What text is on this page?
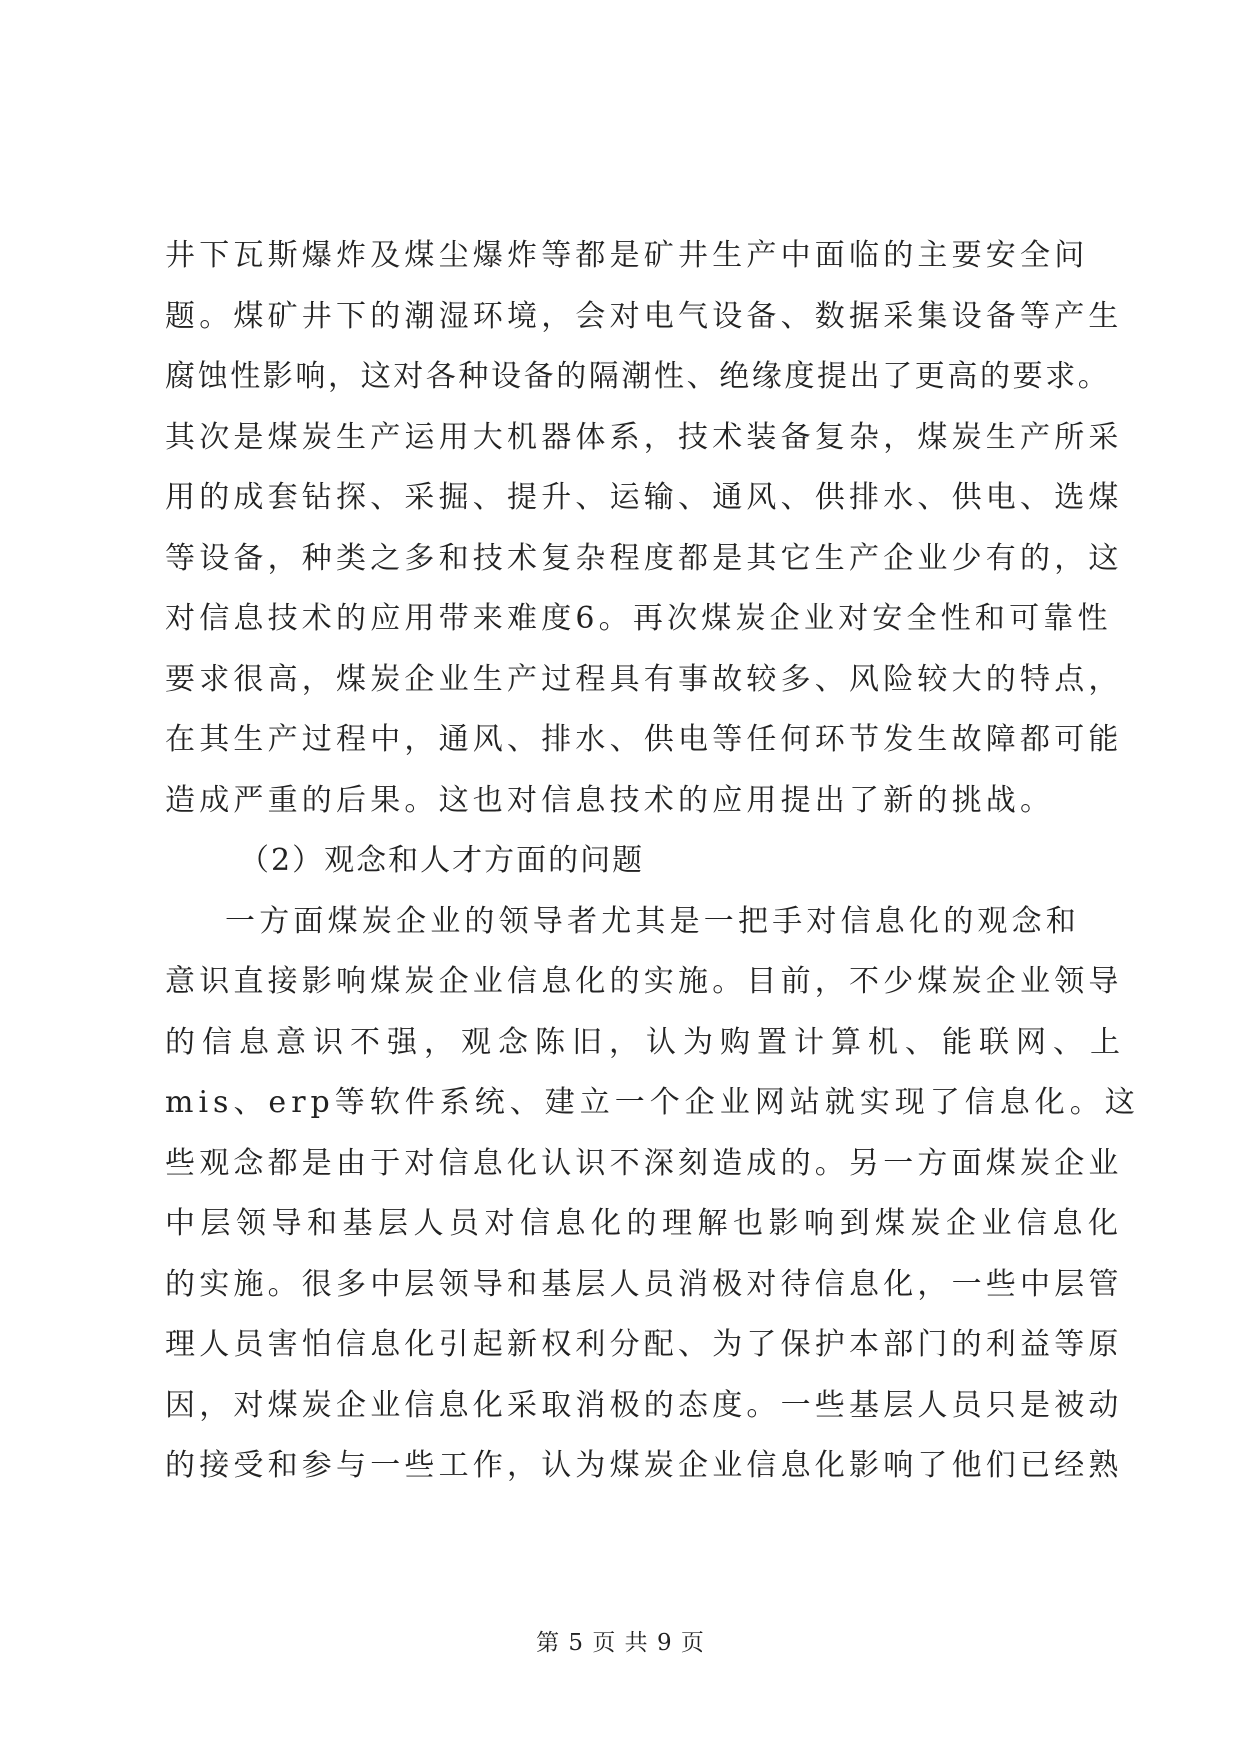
井下瓦斯爆炸及煤尘爆炸等都是矿井生产中面临的主要安全问
题。煤矿井下的潮湿环境，会对电气设备、数据采集设备等产生
腐蚀性影响，这对各种设备的隔潮性、绝缘度提出了更高的要求。
其次是煤炭生产运用大机器体系，技术装备复杂，煤炭生产所采
用的成套钻探、采掘、提升、运输、通风、供排水、供电、选煤
等设备，种类之多和技术复杂程度都是其它生产企业少有的，这
对信息技术的应用带来难度6。再次煤炭企业对安全性和可靠性
要求很高，煤炭企业生产过程具有事故较多、风险较大的特点，
在其生产过程中，通风、排水、供电等任何环节发生故障都可能
造成严重的后果。这也对信息技术的应用提出了新的挑战。
（2）观念和人才方面的问题
一方面煤炭企业的领导者尤其是一把手对信息化的观念和
意识直接影响煤炭企业信息化的实施。目前，不少煤炭企业领导
的信息意识不强，观念陈旧，认为购置计算机、能联网、上
mis、erp等软件系统、建立一个企业网站就实现了信息化。这
些观念都是由于对信息化认识不深刻造成的。另一方面煤炭企业
中层领导和基层人员对信息化的理解也影响到煤炭企业信息化
的实施。很多中层领导和基层人员消极对待信息化，一些中层管
理人员害怕信息化引起新权利分配、为了保护本部门的利益等原
因，对煤炭企业信息化采取消极的态度。一些基层人员只是被动
的接受和参与一些工作，认为煤炭企业信息化影响了他们已经熟
第 5 页 共 9 页
